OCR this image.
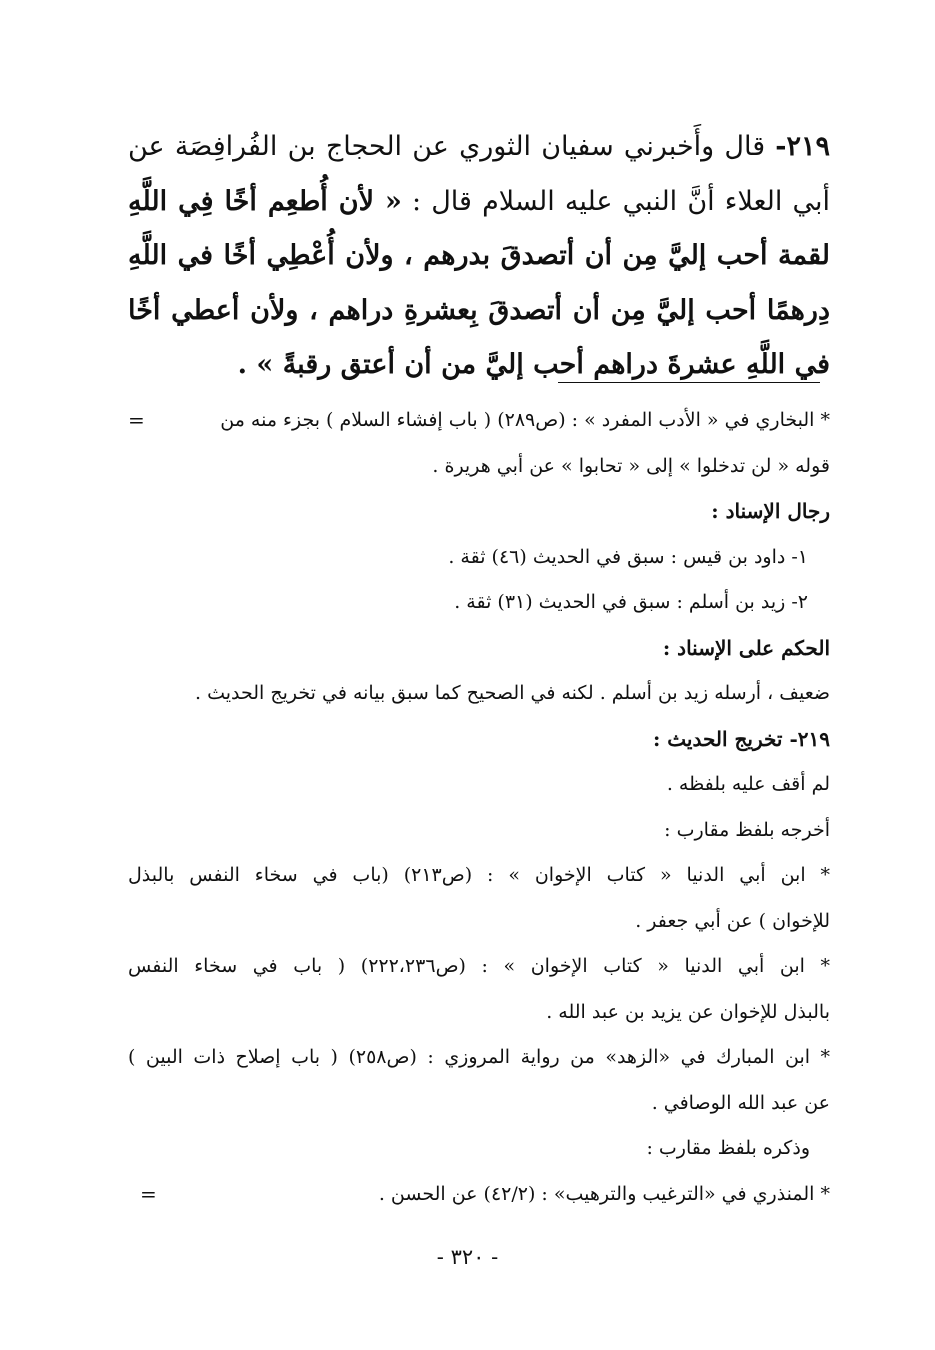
٢١٩- قال وأَخبرني سفيان الثوري عن الحجاج بن الفُرافِصَة عن أبي العلاء أنَّ النبي عليه السلام قال : « لأن أُطعِم أخًا فِي اللَّهِ لقمة أحب إليَّ مِن أن أتصدقَ بدرهم ، ولأن أُعْطِي أخًا في اللَّهِ دِرهمًا أحب إليَّ مِن أن أتصدقَ بِعشرةِ دراهم ، ولأن أعطي أخًا في اللَّهِ عشرةَ دراهم أحب إليَّ من أن أعتق رقبةً » .
=	* البخاري في « الأدب المفرد » : (ص٢٨٩) ( باب إفشاء السلام ) بجزء منه من
قوله « لن تدخلوا » إلى « تحابوا » عن أبي هريرة .
رجال الإسناد :
١- داود بن قيس : سبق في الحديث (٤٦) ثقة .
٢- زيد بن أسلم : سبق في الحديث (٣١) ثقة .
الحكم على الإسناد :
ضعيف ، أرسله زيد بن أسلم . لكنه في الصحيح كما سبق بيانه في تخريج الحديث .
٢١٩- تخريج الحديث :
لم أقف عليه بلفظه .
أخرجه بلفظ مقارب :
* ابن أبي الدنيا « كتاب الإخوان » : (ص٢١٣) (باب في سخاء النفس بالبذل
للإخوان ) عن أبي جعفر .
* ابن أبي الدنيا « كتاب الإخوان » : (ص٢٢٢،٢٣٦) ( باب في سخاء النفس
بالبذل للإخوان عن يزيد بن عبد الله .
* ابن المبارك في «الزهد» من رواية المروزي : (ص٢٥٨) ( باب إصلاح ذات البين )
عن عبد الله الوصافي .
وذكره بلفظ مقارب :
* المنذري في «الترغيب والترهيب» : (٤٢/٢) عن الحسن .
=
- ٣٢٠ -
